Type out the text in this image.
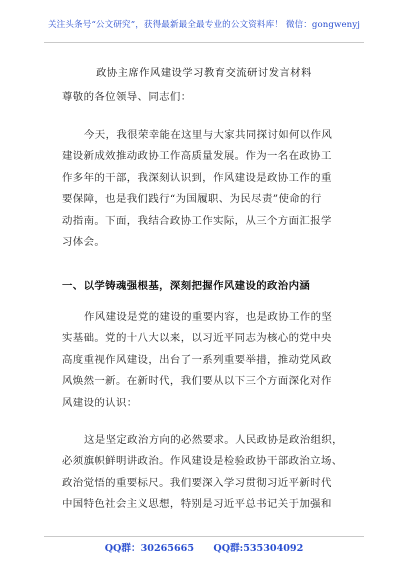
关注头条号“公文研究”，获得最新最全最专业的公文资料库！ 微信：gongwenyj
政协主席作风建设学习教育交流研讨发言材料
尊敬的各位领导、同志们：
今天，我很荣幸能在这里与大家共同探讨如何以作风
建设新成效推动政协工作高质量发展。作为一名在政协工
作多年的干部，我深刻认识到，作风建设是政协工作的重
要保障，也是我们践行“为国履职、为民尽责”使命的行
动指南。下面，我结合政协工作实际，从三个方面汇报学
习体会。
一、以学铸魂强根基，深刻把握作风建设的政治内涵
作风建设是党的建设的重要内容，也是政协工作的坚
实基础。党的十八大以来，以习近平同志为核心的党中央
高度重视作风建设，出台了一系列重要举措，推动党风政
风焕然一新。在新时代，我们要从以下三个方面深化对作
风建设的认识：
这是坚定政治方向的必然要求。人民政协是政治组织，
必须旗帜鲜明讲政治。作风建设是检验政协干部政治立场、
政治觉悟的重要标尺。我们要深入学习贯彻习近平新时代
中国特色社会主义思想，特别是习近平总书记关于加强和
QQ群：30265665 QQ群:535304092
